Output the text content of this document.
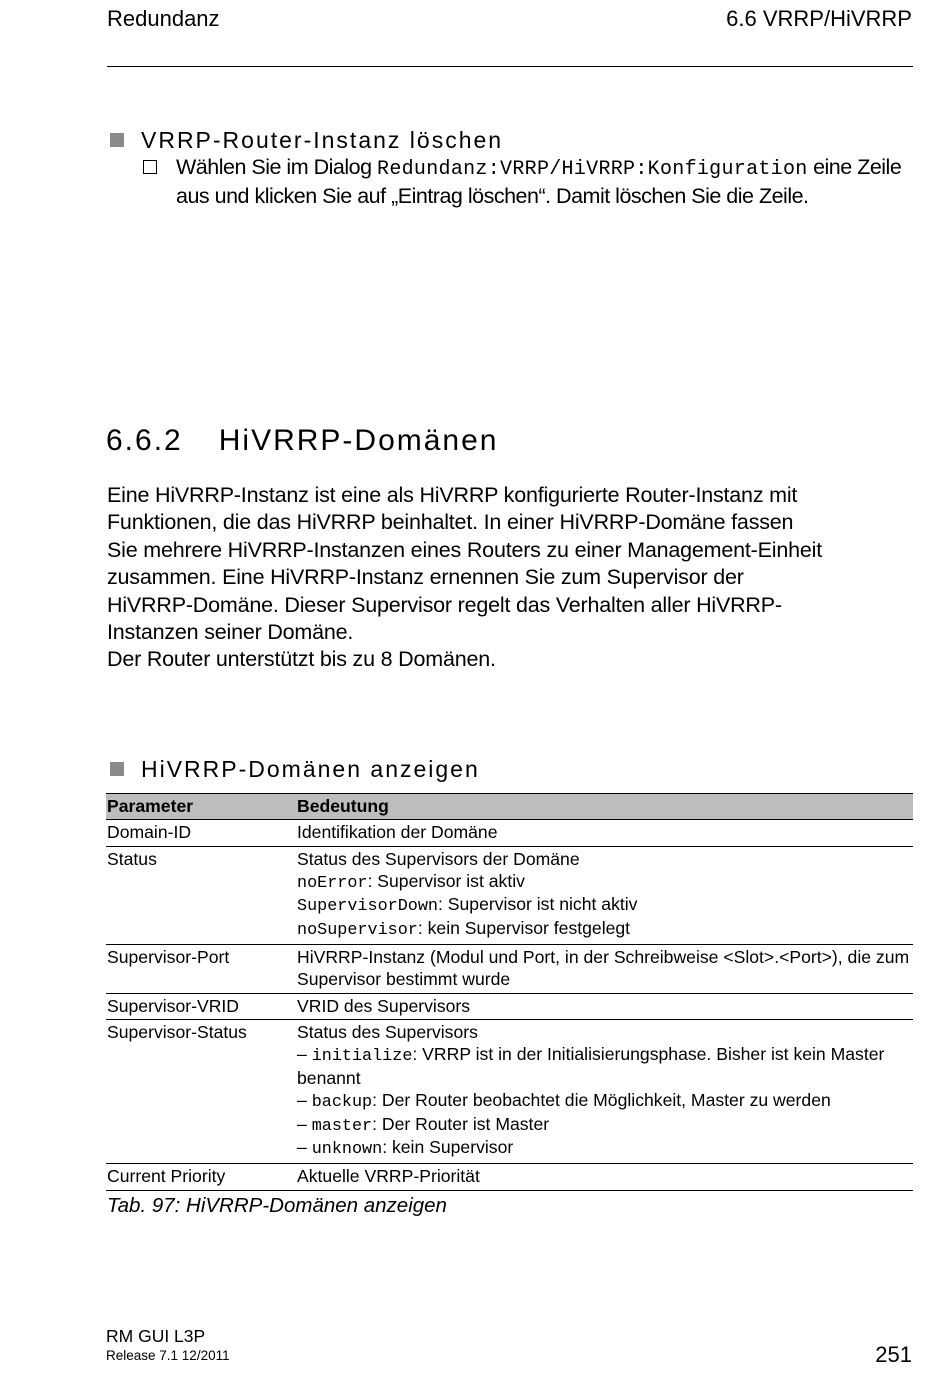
Redundanz	6.6 VRRP/HiVRRP
VRRP-Router-Instanz löschen
Wählen Sie im Dialog Redundanz:VRRP/HiVRRP:Konfiguration eine Zeile aus und klicken Sie auf „Eintrag löschen“. Damit löschen Sie die Zeile.
6.6.2 HiVRRP-Domänen
Eine HiVRRP-Instanz ist eine als HiVRRP konfigurierte Router-Instanz mit
Funktionen, die das HiVRRP beinhaltet. In einer HiVRRP-Domäne fassen
Sie mehrere HiVRRP-Instanzen eines Routers zu einer Management-Einheit
zusammen. Eine HiVRRP-Instanz ernennen Sie zum Supervisor der
HiVRRP-Domäne. Dieser Supervisor regelt das Verhalten aller HiVRRP-
Instanzen seiner Domäne.
Der Router unterstützt bis zu 8 Domänen.
HiVRRP-Domänen anzeigen
Parameter	Bedeutung
Domain-ID	Identifikation der Domäne
Status	Status des Supervisors der Domäne
noError: Supervisor ist aktiv
SupervisorDown: Supervisor ist nicht aktiv
noSupervisor: kein Supervisor festgelegt

Supervisor-Port	HiVRRP-Instanz (Modul und Port, in der Schreibweise <Slot>.<Port>), die zum Supervisor bestimmt wurde
Supervisor-VRID	VRID des Supervisors
Supervisor-Status	Status des Supervisors
– initialize: VRRP ist in der Initialisierungsphase. Bisher ist kein Master benannt
– backup: Der Router beobachtet die Möglichkeit, Master zu werden
– master: Der Router ist Master
– unknown: kein Supervisor

Current Priority	Aktuelle VRRP-Priorität
Tab. 97: HiVRRP-Domänen anzeigen
RM GUI L3P
Release 7.1 12/2011	251
